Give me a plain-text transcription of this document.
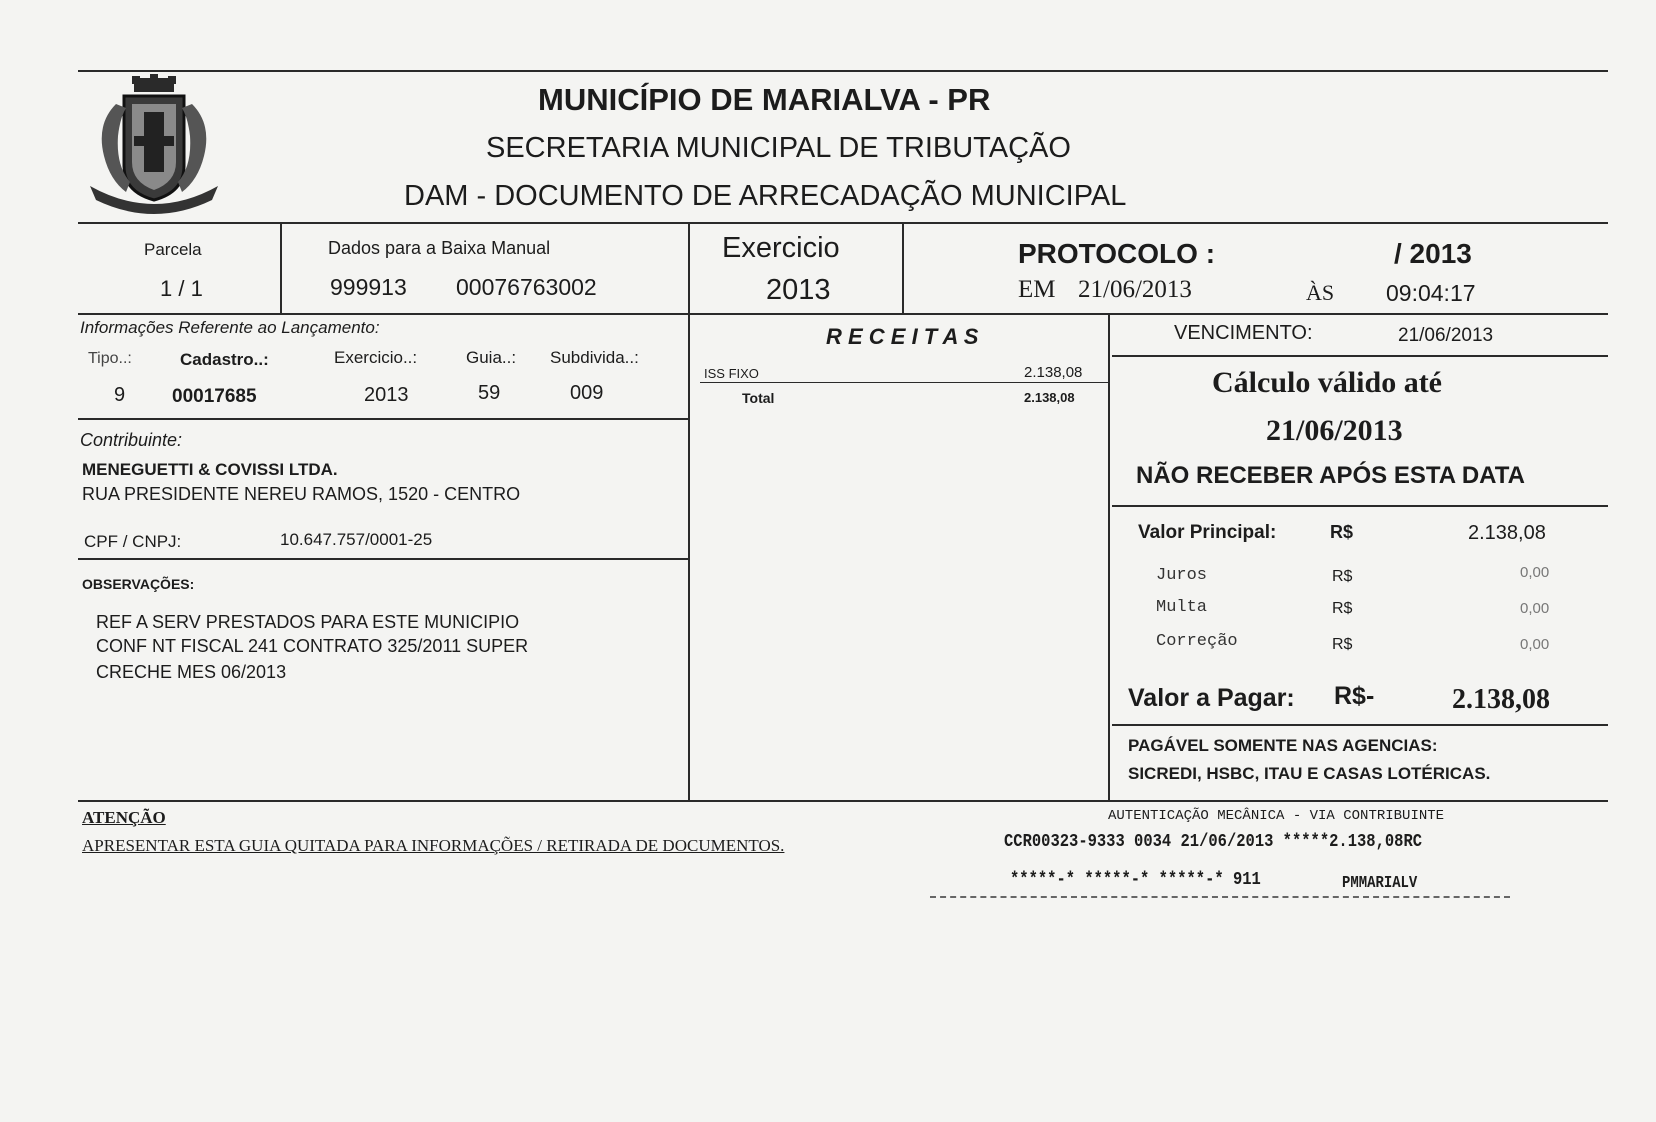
MUNICÍPIO DE MARIALVA - PR
SECRETARIA MUNICIPAL DE TRIBUTAÇÃO
DAM - DOCUMENTO DE ARRECADAÇÃO MUNICIPAL
Parcela
1 / 1
Dados para a Baixa Manual
999913 00076763002
Exercicio
2013
PROTOCOLO :	/ 2013
EM 21/06/2013	ÀS 09:04:17
Informações Referente ao Lançamento:
Tipo..:	Cadastro..:	Exercicio..:	Guia..: Subdivida..:
9 00017685	2013	59	009
R E C E I T A S
ISS FIXO	2.138,08
Total	2.138,08
VENCIMENTO:	21/06/2013
Cálculo válido até
21/06/2013
NÃO RECEBER APÓS ESTA DATA
Contribuinte:
MENEGUETTI & COVISSI LTDA.
RUA PRESIDENTE NEREU RAMOS, 1520 - CENTRO
CPF / CNPJ:	10.647.757/0001-25
OBSERVAÇÕES:
REF A SERV PRESTADOS PARA ESTE MUNICIPIO
CONF NT FISCAL 241 CONTRATO 325/2011 SUPER
CRECHE MES 06/2013
Valor Principal:	R$	2.138,08
Juros	R$	0,00
Multa	R$	0,00
Correção	R$	0,00
Valor a Pagar: R$-	2.138,08
PAGÁVEL SOMENTE NAS AGENCIAS:
SICREDI, HSBC, ITAU E CASAS LOTÉRICAS.
ATENÇÃO
APRESENTAR ESTA GUIA QUITADA PARA INFORMAÇÕES / RETIRADA DE DOCUMENTOS.
AUTENTICAÇÃO MECÂNICA - VIA CONTRIBUINTE
CCR00323-9333 0034 21/06/2013 *****2.138,08RC
*****-* *****-* *****-* 911	PMMARIALV
